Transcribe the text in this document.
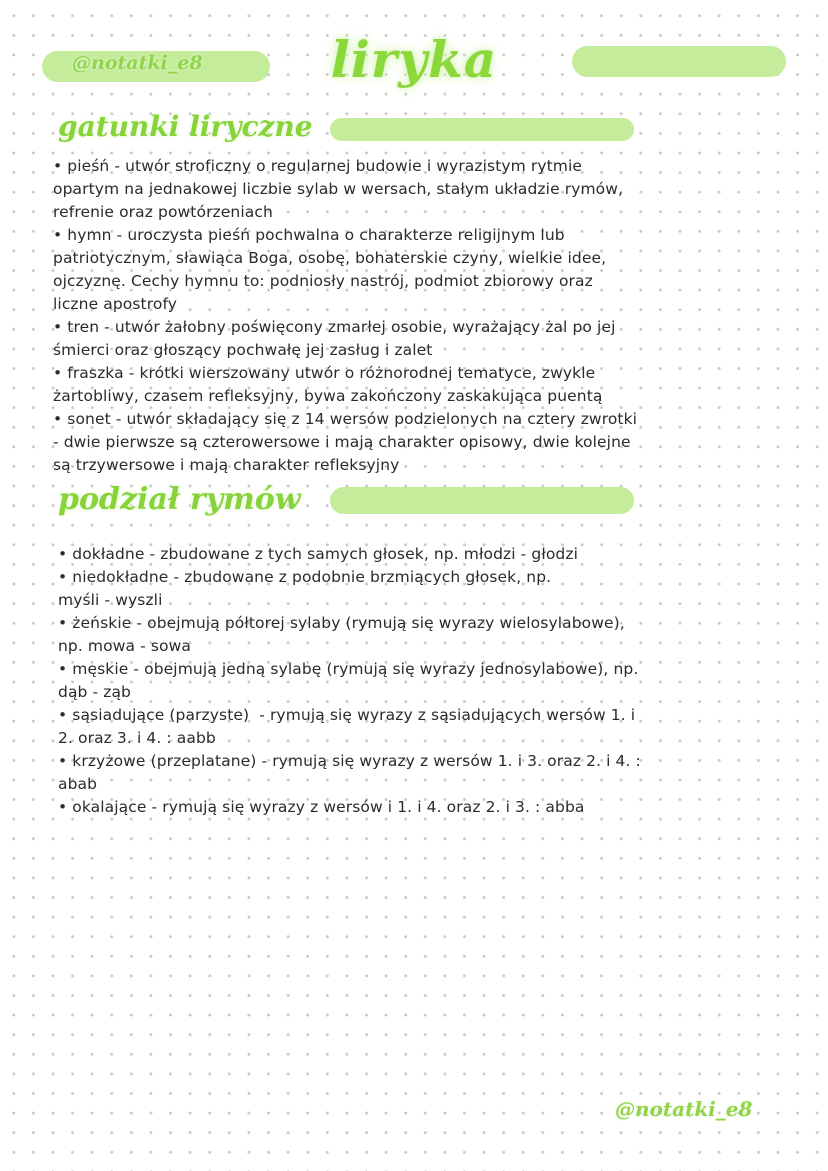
@notatki_e8	liryka
gatunki liryczne

• pieśń - utwór stroficzny o regularnej budowie i wyrazistym rytmie

opartym na jednakowej liczbie sylab w wersach, stałym układzie rymów,

refrenie oraz powtórzeniach

• hymn - uroczysta pieśń pochwalna o charakterze religijnym lub

patriotycznym, sławiąca Boga, osobę, bohaterskie czyny, wielkie idee,

ojczyznę. Cechy hymnu to: podniosły nastrój, podmiot zbiorowy oraz

liczne apostrofy

• tren - utwór żałobny poświęcony zmarłej osobie, wyrażający żal po jej

śmierci oraz głoszący pochwałę jej zasług i zalet

• fraszka - krótki wierszowany utwór o różnorodnej tematyce, zwykle

żartobliwy, czasem refleksyjny, bywa zakończony zaskakująca puentą

• sonet - utwór składający się z 14 wersów podzielonych na cztery zwrotki

- dwie pierwsze są czterowersowe i mają charakter opisowy, dwie kolejne

są trzywersowe i mają charakter refleksyjny

podział rymów

• dokładne - zbudowane z tych samych głosek, np. młodzi - głodzi

• niedokładne - zbudowane z podobnie brzmiących głosek, np.

myśli - wyszli

• żeńskie - obejmują półtorej sylaby (rymują się wyrazy wielosylabowe),

np. mowa - sowa

• męskie - obejmują jedną sylabę (rymują się wyrazy jednosylabowe), np.

dąb - ząb

• sąsiadujące (parzyste)  - rymują się wyrazy z sąsiadujących wersów 1. i

2. oraz 3. i 4. : aabb

• krzyżowe (przeplatane) - rymują się wyrazy z wersów 1. i 3. oraz 2. i 4. :

abab

• okalające - rymują się wyrazy z wersów i 1. i 4. oraz 2. i 3. : abba

@notatki_e8
